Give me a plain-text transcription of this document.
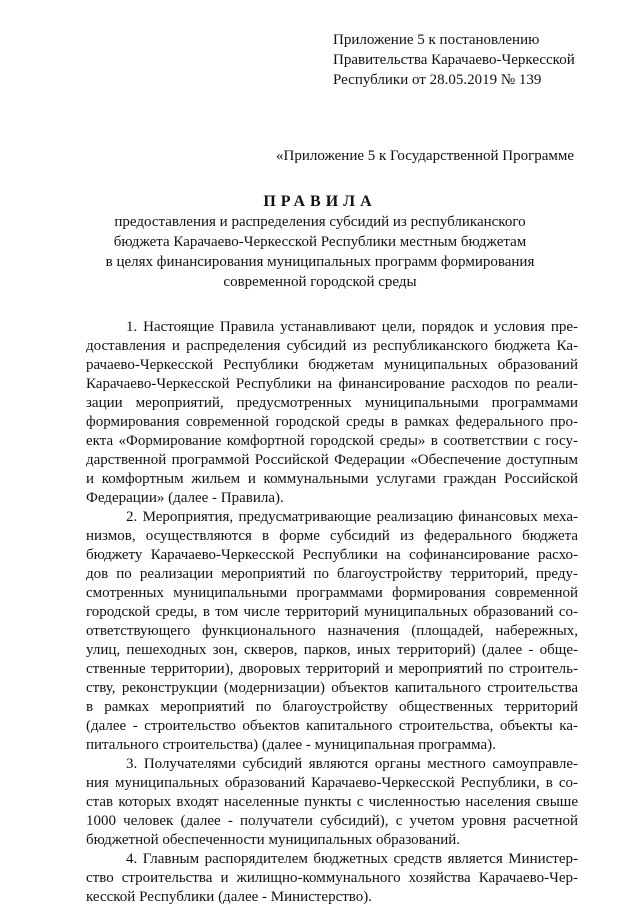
Приложение 5 к постановлению
Правительства Карачаево-Черкесской
Республики от 28.05.2019 № 139
«Приложение 5 к Государственной Программе
ПРАВИЛА
предоставления и распределения субсидий из республиканского
бюджета Карачаево-Черкесской Республики местным бюджетам
в целях финансирования муниципальных программ формирования
современной городской среды
1. Настоящие Правила устанавливают цели, порядок и условия пре-
доставления и распределения субсидий из республиканского бюджета Ка-
рачаево-Черкесской Республики бюджетам муниципальных образований
Карачаево-Черкесской Республики на финансирование расходов по реали-
зации мероприятий, предусмотренных муниципальными программами
формирования современной городской среды в рамках федерального про-
екта «Формирование комфортной городской среды» в соответствии с госу-
дарственной программой Российской Федерации «Обеспечение доступным
и комфортным жильем и коммунальными услугами граждан Российской
Федерации» (далее - Правила).
2. Мероприятия, предусматривающие реализацию финансовых меха-
низмов, осуществляются в форме субсидий из федерального бюджета
бюджету Карачаево-Черкесской Республики на софинансирование расхо-
дов по реализации мероприятий по благоустройству территорий, преду-
смотренных муниципальными программами формирования современной
городской среды, в том числе территорий муниципальных образований со-
ответствующего функционального назначения (площадей, набережных,
улиц, пешеходных зон, скверов, парков, иных территорий) (далее - обще-
ственные территории), дворовых территорий и мероприятий по строитель-
ству, реконструкции (модернизации) объектов капитального строительства
в рамках мероприятий по благоустройству общественных территорий
(далее - строительство объектов капитального строительства, объекты ка-
питального строительства) (далее - муниципальная программа).
3. Получателями субсидий являются органы местного самоуправле-
ния муниципальных образований Карачаево-Черкесской Республики, в со-
став которых входят населенные пункты с численностью населения свыше
1000 человек (далее - получатели субсидий), с учетом уровня расчетной
бюджетной обеспеченности муниципальных образований.
4. Главным распорядителем бюджетных средств является Министер-
ство строительства и жилищно-коммунального хозяйства Карачаево-Чер-
кесской Республики (далее - Министерство).
